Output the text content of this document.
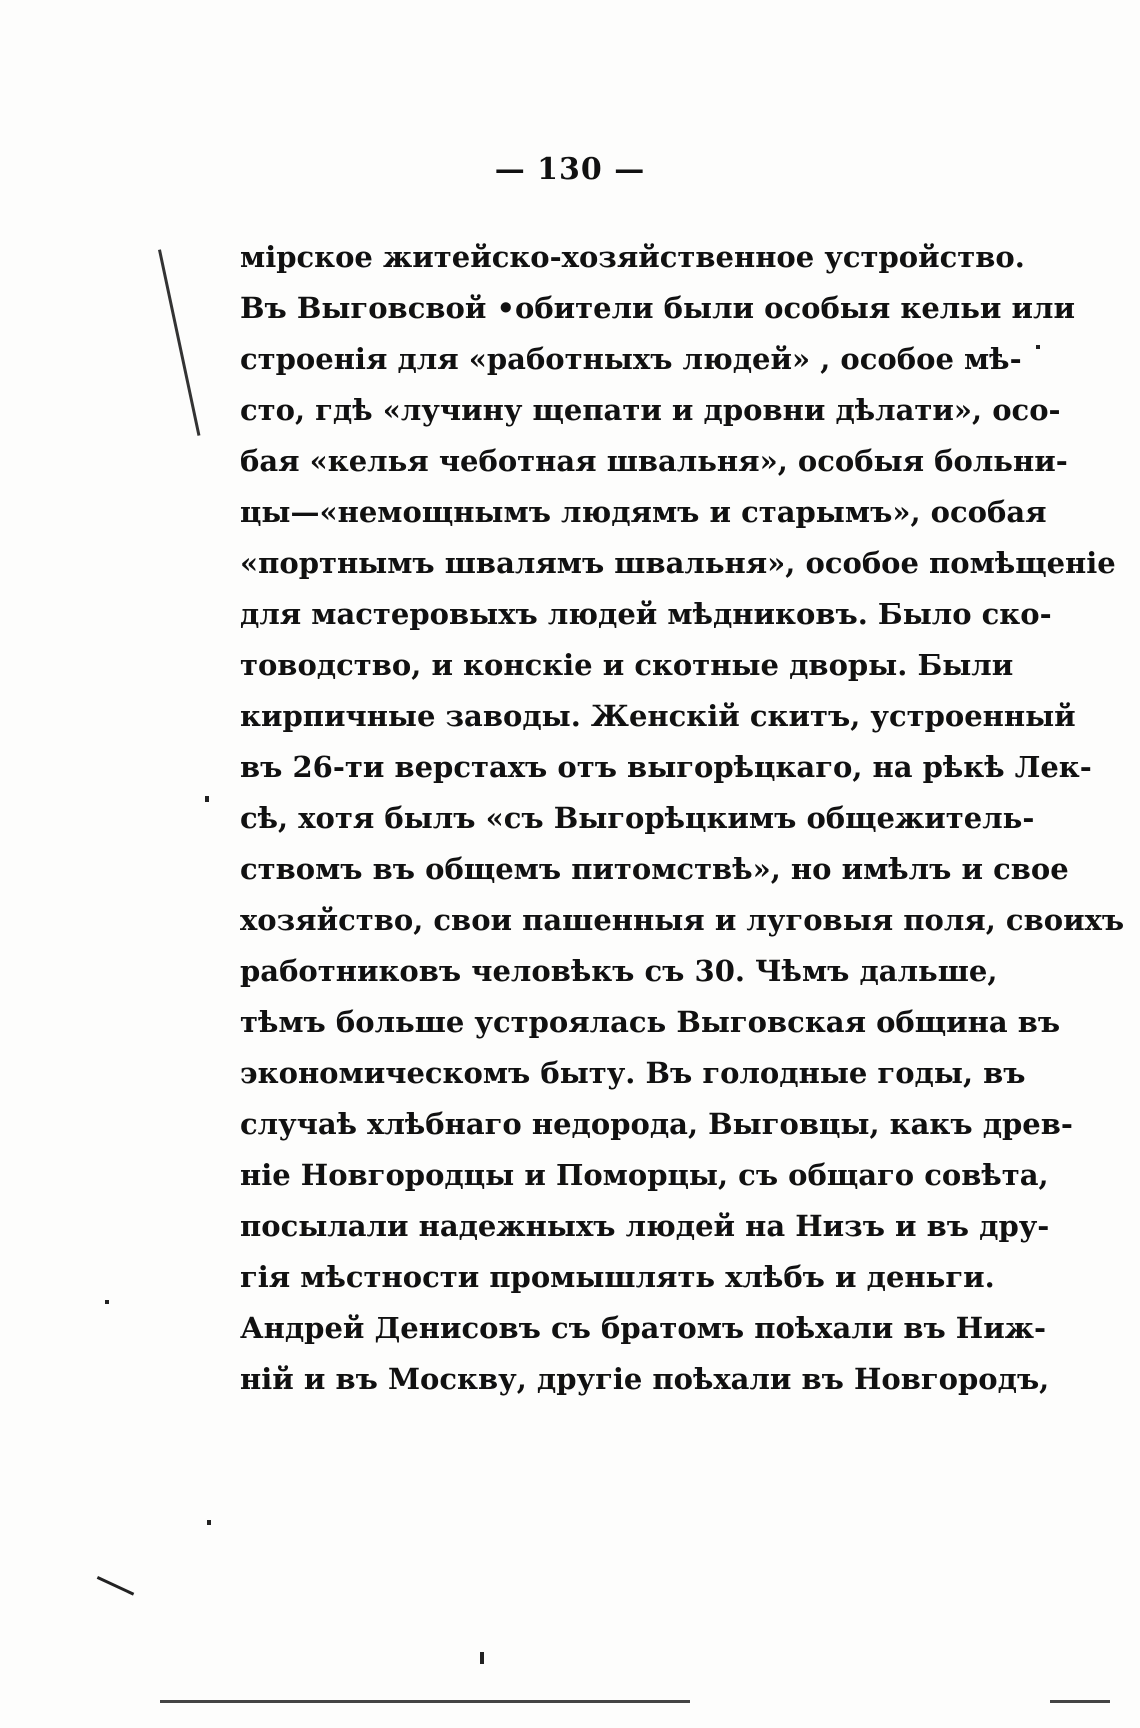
— 130 —
мірское житейско-хозяйственное устройство.
Въ Выговсвой •обители были особыя кельи или
строенія для «работныхъ людей» , особое мѣ-
сто, гдѣ «лучину щепати и дровни дѣлати», осо-
бая «келья чеботная швальня», особыя больни-
цы—«немощнымъ людямъ и старымъ», особая
«портнымъ швалямъ швальня», особое помѣщеніе
для мастеровыхъ людей мѣдниковъ. Было ско-
товодство, и конскіе и скотные дворы. Были
кирпичные заводы. Женскій скитъ, устроенный
въ 26-ти верстахъ отъ выгорѣцкаго, на рѣкѣ Лек-
сѣ, хотя былъ «съ Выгорѣцкимъ общежитель-
ствомъ въ общемъ питомствѣ», но имѣлъ и свое
хозяйство, свои пашенныя и луговыя поля, своихъ
работниковъ человѣкъ съ 30. Чѣмъ дальше,
тѣмъ больше устроялась Выговская община въ
экономическомъ быту. Въ голодные годы, въ
случаѣ хлѣбнаго недорода, Выговцы, какъ древ-
ніе Новгородцы и Поморцы, съ общаго совѣта,
посылали надежныхъ людей на Низъ и въ дру-
гія мѣстности промышлять хлѣбъ и деньги.
Андрей Денисовъ съ братомъ поѣхали въ Ниж-
ній и въ Москву, другіе поѣхали въ Новгородъ,
